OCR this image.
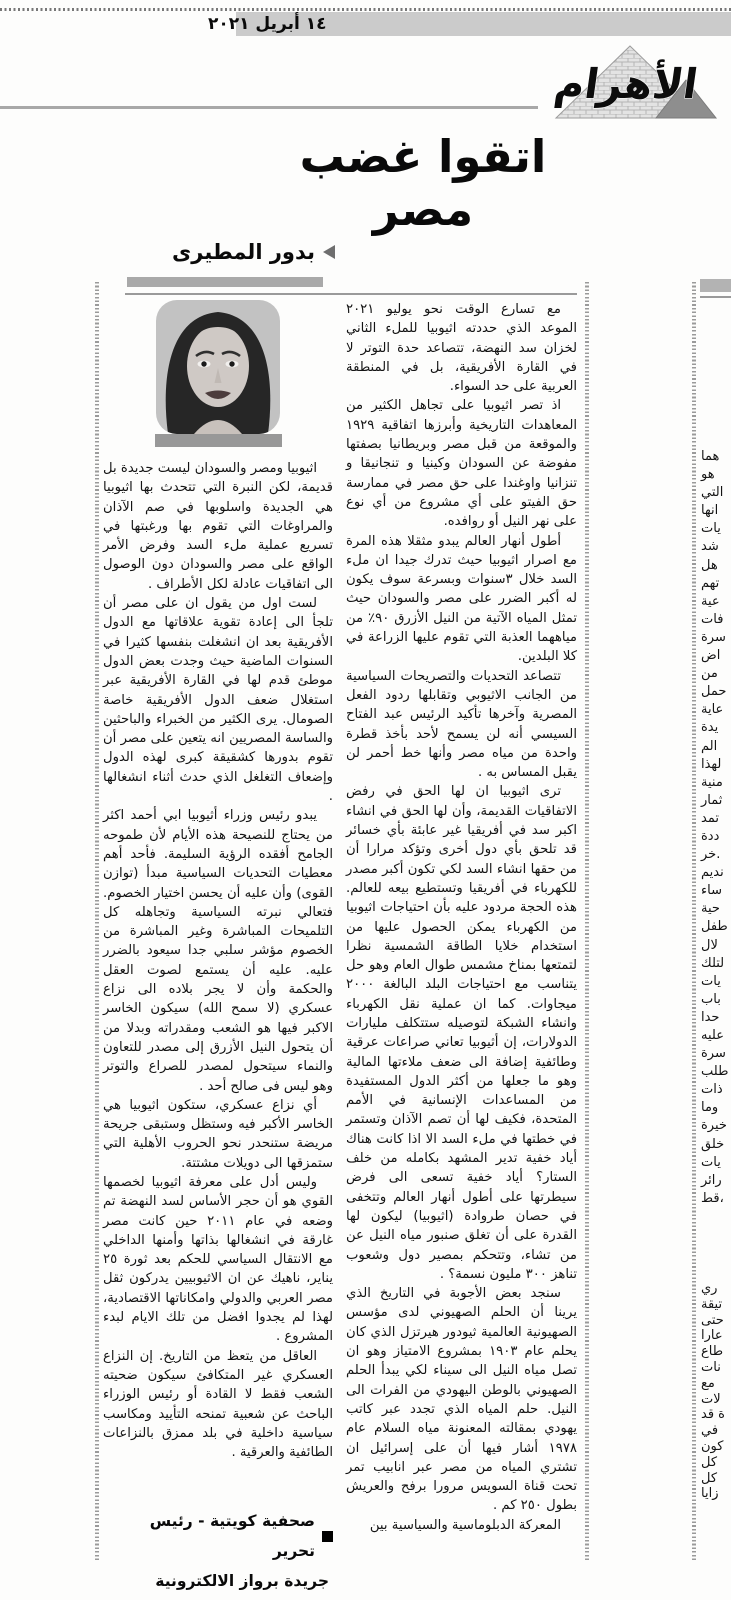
١٤ أبريل ٢٠٢١
الأهرام
اتقوا غضب مصر
بدور المطيرى

اثيوبيا ومصر والسودان ليست جديدة بل قديمة، لكن النبرة التي تتحدث بها اثيوبيا هي الجديدة واسلوبها في صم الآذان والمراوغات التي تقوم بها ورغبتها في تسريع عملية ملء السد وفرض الأمر الواقع على مصر والسودان دون الوصول الى اتفاقيات عادلة لكل الأطراف .

لست اول من يقول ان على مصر أن تلجأ الى إعادة تقوية علاقاتها مع الدول الأفريقية بعد ان انشغلت بنفسها كثيرا في السنوات الماضية حيث وجدت بعض الدول موطئ قدم لها في القارة الأفريقية عبر استغلال ضعف الدول الأفريقية خاصة الصومال. يرى الكثير من الخبراء والباحثين والساسة المصريين انه يتعين على مصر أن تقوم بدورها كشقيقة كبرى لهذه الدول وإضعاف التغلغل الذي حدث أثناء انشغالها .

يبدو رئيس وزراء أثيوبيا ابي أحمد اكثر من يحتاج للنصيحة هذه الأيام لأن طموحه الجامح أفقده الرؤية السليمة. فأحد أهم معطيات التحديات السياسية مبدأ (توازن القوى) وأن عليه أن يحسن اختيار الخصوم. فتعالي نبرته السياسية وتجاهله كل التلميحات المباشرة وغير المباشرة من الخصوم مؤشر سلبي جدا سيعود بالضرر عليه. عليه أن يستمع لصوت العقل والحكمة وأن لا يجر بلاده الى نزاع عسكري (لا سمح الله) سيكون الخاسر الاكبر فيها هو الشعب ومقدراته وبدلا من أن يتحول النيل الأزرق إلى مصدر للتعاون والنماء سيتحول لمصدر للصراع والتوتر وهو ليس فى صالح أحد .

أي نزاع عسكري، ستكون اثيوبيا هي الخاسر الأكبر فيه وستظل وستبقى جريحة مريضة ستنحدر نحو الحروب الأهلية التي ستمزقها الى دويلات مشتتة.

وليس أدل على معرفة اثيوبيا لخصمها القوي هو أن حجر الأساس لسد النهضة تم وضعه في عام ٢٠١١ حين كانت مصر غارقة في انشغالها بذاتها وأمنها الداخلي مع الانتقال السياسي للحكم بعد ثورة ٢٥ يناير، ناهيك عن ان الاثيوبيين يدركون ثقل مصر العربي والدولي وامكاناتها الاقتصادية، لهذا لم يجدوا افضل من تلك الايام لبدء المشروع .

العاقل من يتعظ من التاريخ. إن النزاع العسكري غير المتكافئ سيكون ضحيته الشعب فقط لا القادة أو رئيس الوزراء الباحث عن شعبية تمنحه التأييد ومكاسب سياسية داخلية في بلد ممزق بالنزاعات الطائفية والعرقية .

صحفية كويتية - رئيس تحرير
جريدة برواز الالكترونية

مع تسارع الوقت نحو يوليو ٢٠٢١ الموعد الذي حددته اثيوبيا للملء الثاني لخزان سد النهضة، تتصاعد حدة التوتر لا في القارة الأفريقية، بل في المنطقة العربية على حد السواء.

اذ تصر اثيوبيا على تجاهل الكثير من المعاهدات التاريخية وأبرزها اتفاقية ١٩٢٩ والموقعة من قبل مصر وبريطانيا بصفتها مفوضة عن السودان وكينيا و تنجانيقا و تنزانيا واوغندا على حق مصر في ممارسة حق الفيتو على أي مشروع من أي نوع على نهر النيل أو روافده.

أطول أنهار العالم يبدو مثقلا هذه المرة مع اصرار اثيوبيا حيث تدرك جيدا ان ملء السد خلال ٣سنوات وبسرعة سوف يكون له أكبر الضرر على مصر والسودان حيث تمثل المياه الآتية من النيل الأزرق ٩٠٪ من مياههما العذبة التي تقوم عليها الزراعة في كلا البلدين.

تتصاعد التحديات والتصريحات السياسية من الجانب الاثيوبي وتقابلها ردود الفعل المصرية وآخرها تأكيد الرئيس عبد الفتاح السيسي أنه لن يسمح لأحد بأخذ قطرة واحدة من مياه مصر وأنها خط أحمر لن يقبل المساس به .

ترى اثيوبيا ان لها الحق في رفض الاتفاقيات القديمة، وأن لها الحق في انشاء اكبر سد في أفريقيا غير عابئة بأي خسائر قد تلحق بأي دول أخرى وتؤكد مرارا أن من حقها انشاء السد لكي تكون أكبر مصدر للكهرباء في أفريقيا وتستطيع بيعه للعالم. هذه الحجة مردود عليه بأن احتياجات اثيوبيا من الكهرباء يمكن الحصول عليها من استخدام خلايا الطاقة الشمسية نظرا لتمتعها بمناخ مشمس طوال العام وهو حل يتناسب مع احتياجات البلد البالغة ٢٠٠٠ ميجاوات. كما ان عملية نقل الكهرباء وانشاء الشبكة لتوصيله ستتكلف مليارات الدولارات، إن أثيوبيا تعاني صراعات عرقية وطائفية إضافة الى ضعف ملاءتها المالية وهو ما جعلها من أكثر الدول المستفيدة من المساعدات الإنسانية في الأمم المتحدة، فكيف لها أن تصم الآذان وتستمر في خطتها في ملء السد الا اذا كانت هناك أياد خفية تدير المشهد بكامله من خلف الستار؟ أياد خفية تسعى الى فرض سيطرتها على أطول أنهار العالم وتتخفى في حصان طروادة (اثيوبيا) ليكون لها القدرة على أن تغلق صنبور مياه النيل عن من تشاء، وتتحكم بمصير دول وشعوب تناهز ٣٠٠ مليون نسمة؟ .

سنجد بعض الأجوبة في التاريخ الذي يرينا أن الحلم الصهيوني لدى مؤسس الصهيونية العالمية ثيودور هيرتزل الذي كان يحلم عام ١٩٠٣ بمشروع الامتياز وهو ان تصل مياه النيل الى سيناء لكي يبدأ الحلم الصهيوني بالوطن اليهودي من الفرات الى النيل. حلم المياه الذي تجدد عبر كاتب يهودي بمقالته المعنونة مياه السلام عام ١٩٧٨ أشار فيها أن على إسرائيل ان تشتري المياه من مصر عبر انابيب تمر تحت قناة السويس مرورا برفح والعريش بطول ٢٥٠ كم .

المعركة الدبلوماسية والسياسية بين

هما
هو
التي
انها
يات
شد
هل
تهم
عية
فات
سرة
اض
من
حمل
عاية
يدة
الم
لهذا
منية
ثمار
تمد
ددة
خر.
نديم
ساء
حية
طفل
لال
لتلك
يات
باب
حدا
عليه
سرة
طلب
ذات
وما
خيرة
خلق
يات
رائر
قط،
ري
تيقة
حتى
عارا
طاع
نات
مع
لات
ة قد
في
كون
كل
كل
زايا
